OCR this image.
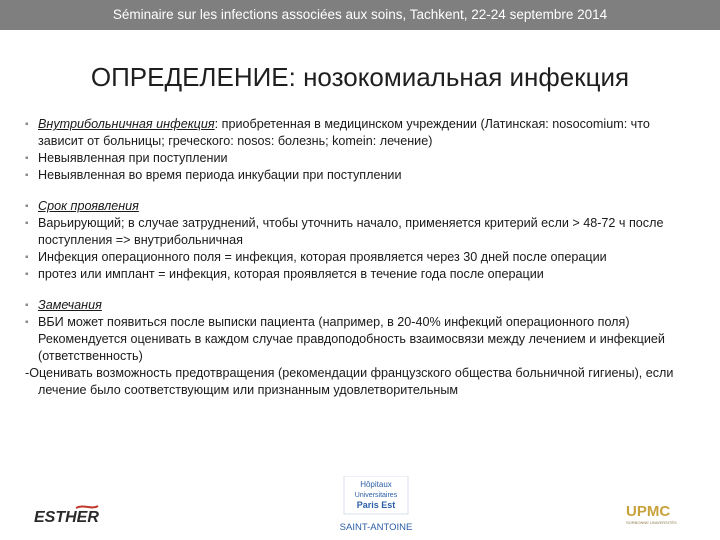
Séminaire sur les infections associées aux soins, Tachkent, 22-24 septembre 2014
ОПРЕДЕЛЕНИЕ: нозокомиальная инфекция

▪ Внутрибольничная инфекция: приобретенная в медицинском учреждении (Латинская: nosocomium: что зависит от больницы; греческого: nosos: болезнь; komein: лечение)

▪ Невыявленная при поступлении

▪ Невыявленная во время периода инкубации при поступлении

▪ Срок проявления

▪ Варьирующий; в случае затруднений, чтобы уточнить начало, применяется критерий если > 48-72 ч после поступления => внутрибольничная

▪ Инфекция операционного поля = инфекция, которая проявляется через 30 дней после операции

▪ протез или имплант = инфекция, которая проявляется в течение года после операции

▪ Замечания

▪ ВБИ может появиться после выписки пациента (например, в 20-40% инфекций операционного поля)

Рекомендуется оценивать в каждом случае правдоподобность взаимосвязи между лечением и инфекцией (ответственность)

-Оценивать возможность предотвращения (рекомендации французского общества больничной гигиены), если лечение было соответствующим или признанным удовлетворительным

ESTHER
Hôpitaux
Universitaires
Paris Est
SAINT-ANTOINE
UPMC
SORBONNE UNIVERSITÉS
